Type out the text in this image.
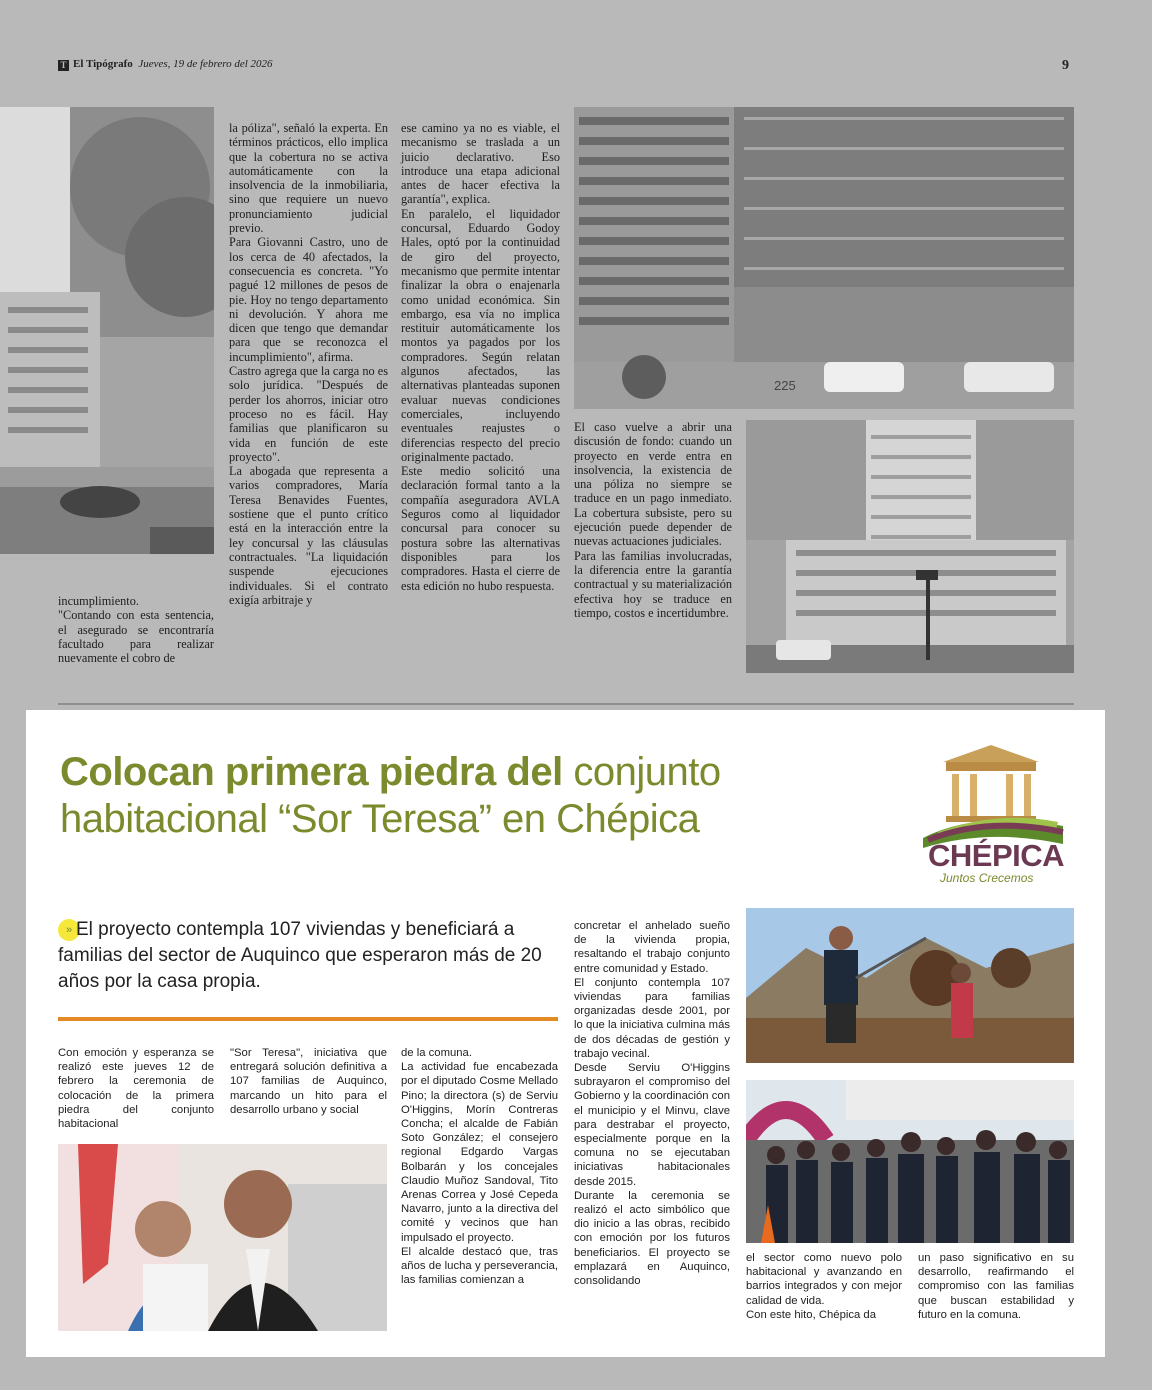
T El Tipógrafo Jueves, 19 de febrero del 2026	9
incumplimiento.
"Contando con esta sentencia, el asegurado se encontraría facultado para realizar nuevamente el cobro de
la póliza", señaló la experta. En términos prácticos, ello implica que la cobertura no se activa automáticamente con la insolvencia de la inmobiliaria, sino que requiere un nuevo pronunciamiento judicial previo.
Para Giovanni Castro, uno de los cerca de 40 afectados, la consecuencia es concreta. "Yo pagué 12 millones de pesos de pie. Hoy no tengo departamento ni devolución. Y ahora me dicen que tengo que demandar para que se reconozca el incumplimiento", afirma.
Castro agrega que la carga no es solo jurídica. "Después de perder los ahorros, iniciar otro proceso no es fácil. Hay familias que planificaron su vida en función de este proyecto".
La abogada que representa a varios compradores, María Teresa Benavides Fuentes, sostiene que el punto crítico está en la interacción entre la ley concursal y las cláusulas contractuales. "La liquidación suspende ejecuciones individuales. Si el contrato exigía arbitraje y
ese camino ya no es viable, el mecanismo se traslada a un juicio declarativo. Eso introduce una etapa adicional antes de hacer efectiva la garantía", explica.
En paralelo, el liquidador concursal, Eduardo Godoy Hales, optó por la continuidad de giro del proyecto, mecanismo que permite intentar finalizar la obra o enajenarla como unidad económica. Sin embargo, esa vía no implica restituir automáticamente los montos ya pagados por los compradores. Según relatan algunos afectados, las alternativas planteadas suponen evaluar nuevas condiciones comerciales, incluyendo eventuales reajustes o diferencias respecto del precio originalmente pactado.
Este medio solicitó una declaración formal tanto a la compañía aseguradora AVLA Seguros como al liquidador concursal para conocer su postura sobre las alternativas disponibles para los compradores. Hasta el cierre de esta edición no hubo respuesta.
El caso vuelve a abrir una discusión de fondo: cuando un proyecto en verde entra en insolvencia, la existencia de una póliza no siempre se traduce en un pago inmediato. La cobertura subsiste, pero su ejecución puede depender de nuevas actuaciones judiciales.
Para las familias involucradas, la diferencia entre la garantía contractual y su materialización efectiva hoy se traduce en tiempo, costos e incertidumbre.
225
Colocan primera piedra del conjunto
habitacional “Sor Teresa” en Chépica
CHÉPICA
Juntos Crecemos
» El proyecto contempla 107 viviendas y beneficiará a familias del sector de Auquinco que esperaron más de 20 años por la casa propia.
Con emoción y esperanza se realizó este jueves 12 de febrero la ceremonia de colocación de la primera piedra del conjunto habitacional
"Sor Teresa", iniciativa que entregará solución definitiva a 107 familias de Auquinco, marcando un hito para el desarrollo urbano y social
de la comuna.
La actividad fue encabezada por el diputado Cosme Mellado Pino; la directora (s) de Serviu O'Higgins, Morín Contreras Concha; el alcalde de Fabián Soto González; el consejero regional Edgardo Vargas Bolbarán y los concejales Claudio Muñoz Sandoval, Tito Arenas Correa y José Cepeda Navarro, junto a la directiva del comité y vecinos que han impulsado el proyecto.
El alcalde destacó que, tras años de lucha y perseverancia, las familias comienzan a
concretar el anhelado sueño de la vivienda propia, resaltando el trabajo conjunto entre comunidad y Estado.
El conjunto contempla 107 viviendas para familias organizadas desde 2001, por lo que la iniciativa culmina más de dos décadas de gestión y trabajo vecinal.
Desde Serviu O'Higgins subrayaron el compromiso del Gobierno y la coordinación con el municipio y el Minvu, clave para destrabar el proyecto, especialmente porque en la comuna no se ejecutaban iniciativas habitacionales desde 2015.
Durante la ceremonia se realizó el acto simbólico que dio inicio a las obras, recibido con emoción por los futuros beneficiarios. El proyecto se emplazará en Auquinco, consolidando
el sector como nuevo polo habitacional y avanzando en barrios integrados y con mejor calidad de vida.
Con este hito, Chépica da
un paso significativo en su desarrollo, reafirmando el compromiso con las familias que buscan estabilidad y futuro en la comuna.
